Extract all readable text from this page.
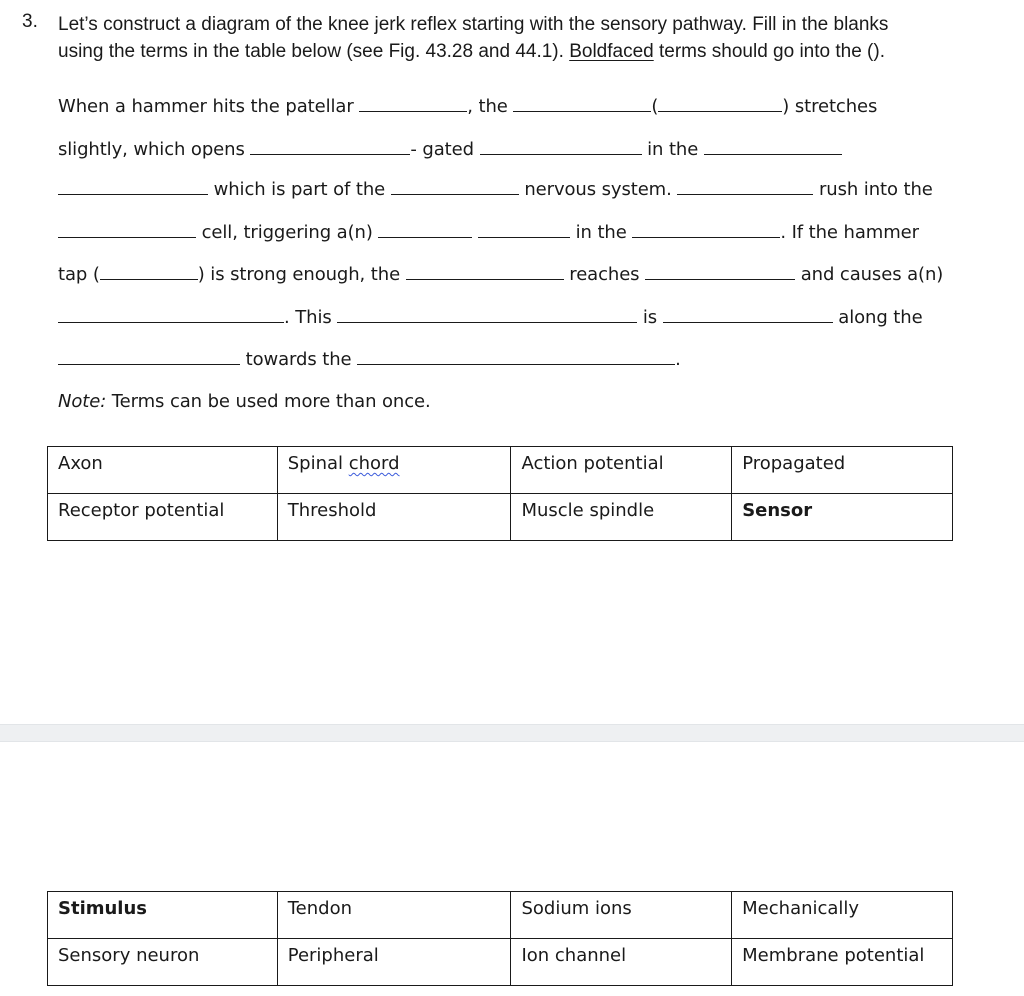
3. Let’s construct a diagram of the knee jerk reflex starting with the sensory pathway. Fill in the blanks using the terms in the table below (see Fig. 43.28 and 44.1). Boldfaced terms should go into the ().
When a hammer hits the patellar	, the	(	) stretches
slightly, which opens	- gated	in the
which is part of the	nervous system.	rush into the
cell, triggering a(n)	in the	. If the hammer
tap (	) is strong enough, the	reaches	and causes a(n)
. This	is	along the
towards the	.
Note: Terms can be used more than once.
Axon	Spinal chord	Action potential	Propagated
Receptor potential	Threshold	Muscle spindle	Sensor
Stimulus	Tendon	Sodium ions	Mechanically
Sensory neuron	Peripheral	Ion channel	Membrane potential
